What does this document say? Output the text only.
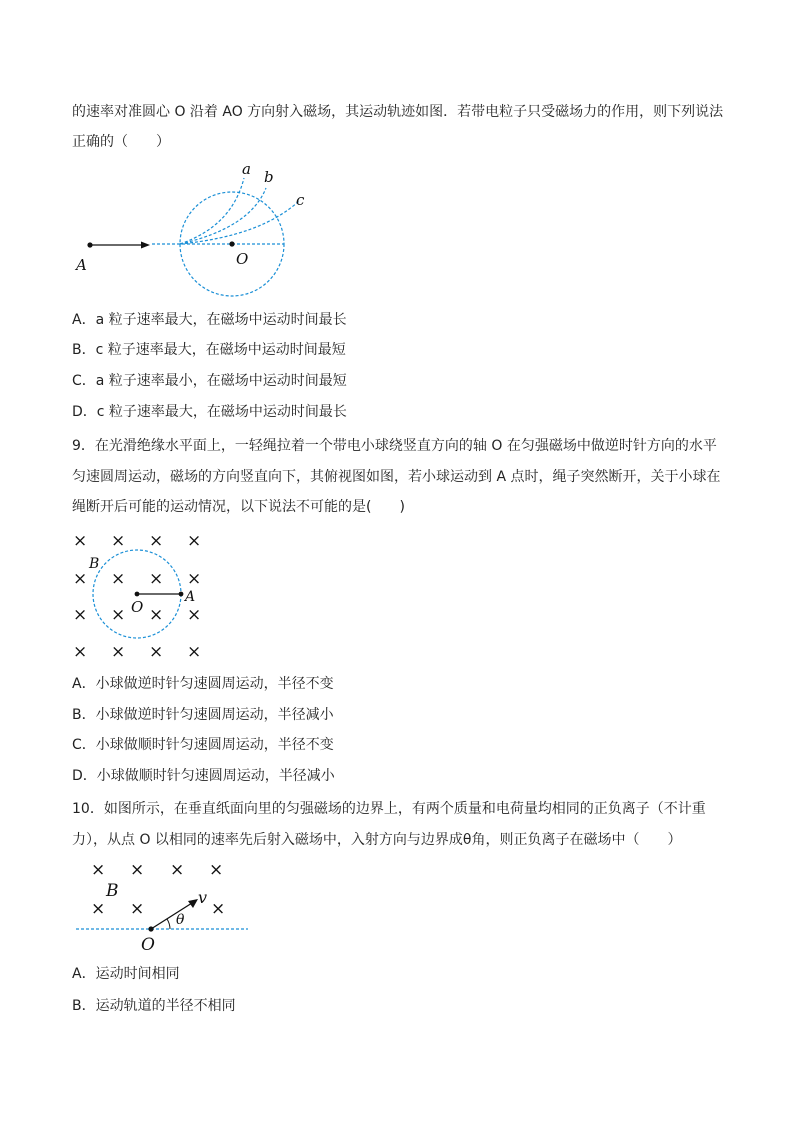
的速率对准圆心 O 沿着 AO 方向射入磁场，其运动轨迹如图．若带电粒子只受磁场力的作用，则下列说法
正确的（　　）
a b
c
A	O
A．a 粒子速率最大，在磁场中运动时间最长
B．c 粒子速率最大，在磁场中运动时间最短
C．a 粒子速率最小，在磁场中运动时间最短
D．c 粒子速率最大，在磁场中运动时间最长
9．在光滑绝缘水平面上，一轻绳拉着一个带电小球绕竖直方向的轴 O 在匀强磁场中做逆时针方向的水平
匀速圆周运动，磁场的方向竖直向下，其俯视图如图，若小球运动到 A 点时，绳子突然断开，关于小球在
绳断开后可能的运动情况，以下说法不可能的是(　　)
× × × ×
× × × ×
× × × ×
× × × ×
B
O
A
A．小球做逆时针匀速圆周运动，半径不变
B．小球做逆时针匀速圆周运动，半径减小
C．小球做顺时针匀速圆周运动，半径不变
D．小球做顺时针匀速圆周运动，半径减小
10．如图所示，在垂直纸面向里的匀强磁场的边界上，有两个质量和电荷量均相同的正负离子（不计重
力），从点 O 以相同的速率先后射入磁场中，入射方向与边界成θ角，则正负离子在磁场中（　　）
× × × ×
× ×	×
B	v
θ
O
A．运动时间相同
B．运动轨道的半径不相同
